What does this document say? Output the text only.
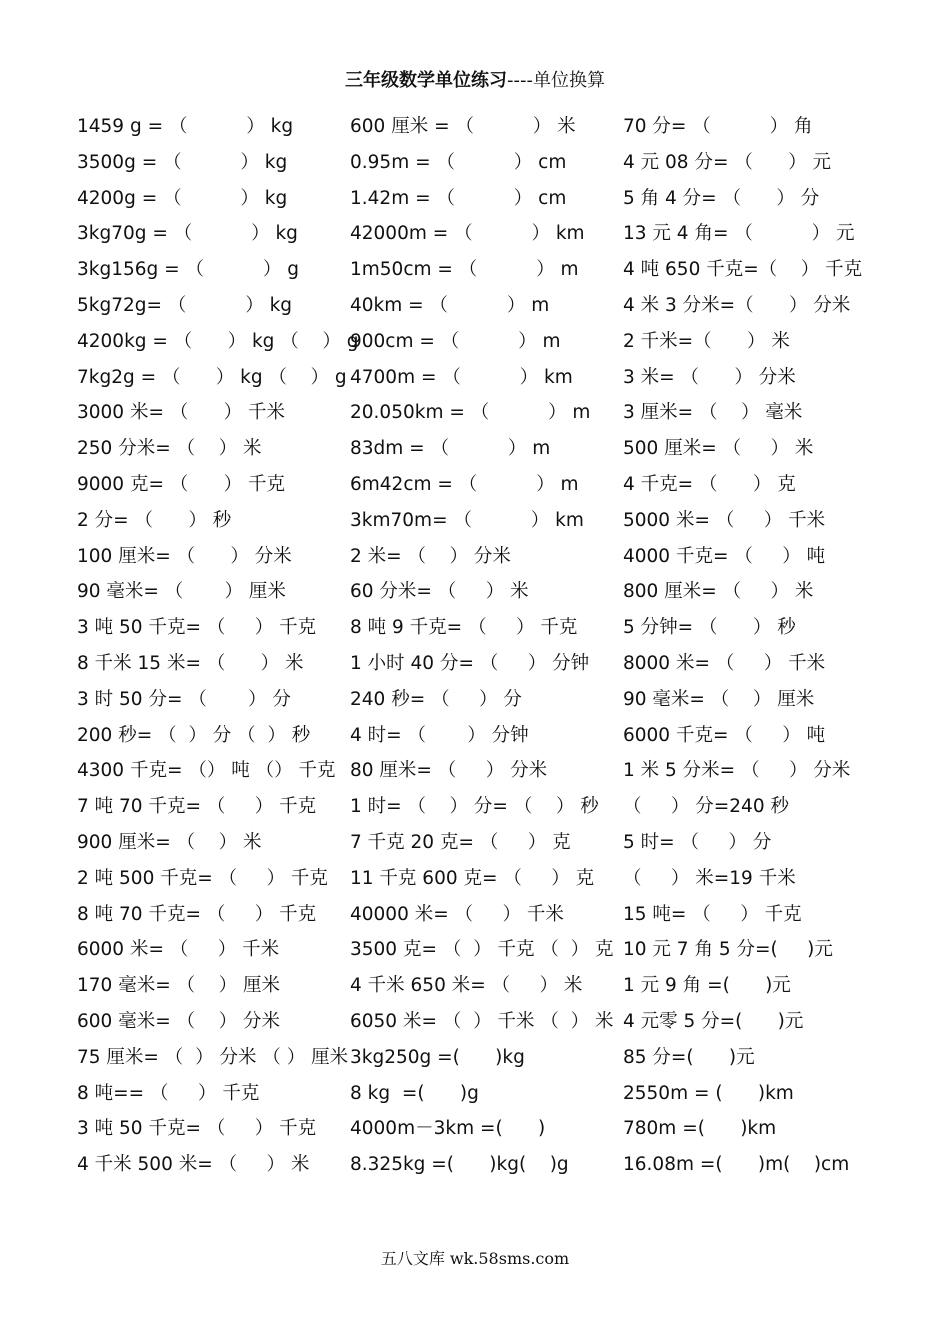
三年级数学单位练习----单位换算
1459 g = （          ） kg
3500g = （          ） kg
4200g = （          ） kg
3kg70g = （          ） kg
3kg156g = （          ） g
5kg72g= （          ） kg
4200kg = （      ） kg （    ） g
7kg2g = （      ） kg （    ） g
3000 米= （      ） 千米
250 分米= （    ） 米
9000 克= （      ） 千克
2 分= （      ） 秒
100 厘米= （      ） 分米
90 毫米= （       ） 厘米
3 吨 50 千克= （     ） 千克
8 千米 15 米= （      ） 米
3 时 50 分= （       ） 分
200 秒= （  ） 分 （  ） 秒
4300 千克= （） 吨 （） 千克
7 吨 70 千克= （     ） 千克
900 厘米= （    ） 米
2 吨 500 千克= （     ） 千克
8 吨 70 千克= （     ） 千克
6000 米= （     ） 千米
170 毫米= （    ） 厘米
600 毫米= （    ） 分米
75 厘米= （  ） 分米 （ ） 厘米
8 吨== （     ） 千克
3 吨 50 千克= （     ） 千克
4 千米 500 米= （     ） 米
600 厘米 = （          ） 米
0.95m = （          ） cm
1.42m = （          ） cm
42000m = （          ） km
1m50cm = （          ） m
40km = （          ） m
900cm = （          ） m
4700m = （          ） km
20.050km = （          ） m
83dm = （          ） m
6m42cm = （          ） m
3km70m= （          ） km
2 米= （    ） 分米
60 分米= （     ） 米
8 吨 9 千克= （     ） 千克
1 小时 40 分= （     ） 分钟
240 秒= （     ） 分
4 时= （       ） 分钟
80 厘米= （     ） 分米
1 时= （    ） 分= （    ） 秒
7 千克 20 克= （     ） 克
11 千克 600 克= （     ） 克
40000 米= （     ） 千米
3500 克= （  ） 千克 （  ） 克
4 千米 650 米= （     ） 米
6050 米= （  ） 千米 （  ） 米
3kg250g =(      )kg
8 kg  =(      )g
4000m－3km =(      )
8.325kg =(      )kg(    )g
70 分= （          ） 角
4 元 08 分= （      ） 元
5 角 4 分= （      ） 分
13 元 4 角= （          ） 元
4 吨 650 千克=（    ） 千克
4 米 3 分米=（      ） 分米
2 千米=（      ） 米
3 米= （      ） 分米
3 厘米= （    ） 毫米
500 厘米= （     ） 米
4 千克= （      ） 克
5000 米= （     ） 千米
4000 千克= （     ） 吨
800 厘米= （     ） 米
5 分钟= （      ） 秒
8000 米= （     ） 千米
90 毫米= （    ） 厘米
6000 千克= （     ） 吨
1 米 5 分米= （     ） 分米
（     ） 分=240 秒
5 时= （     ） 分
（     ） 米=19 千米
15 吨= （     ） 千克
10 元 7 角 5 分=(     )元
1 元 9 角 =(      )元
4 元零 5 分=(      )元
85 分=(      )元
2550m = (      )km
780m =(      )km
16.08m =(      )m(    )cm
五八文库 wk.58sms.com
